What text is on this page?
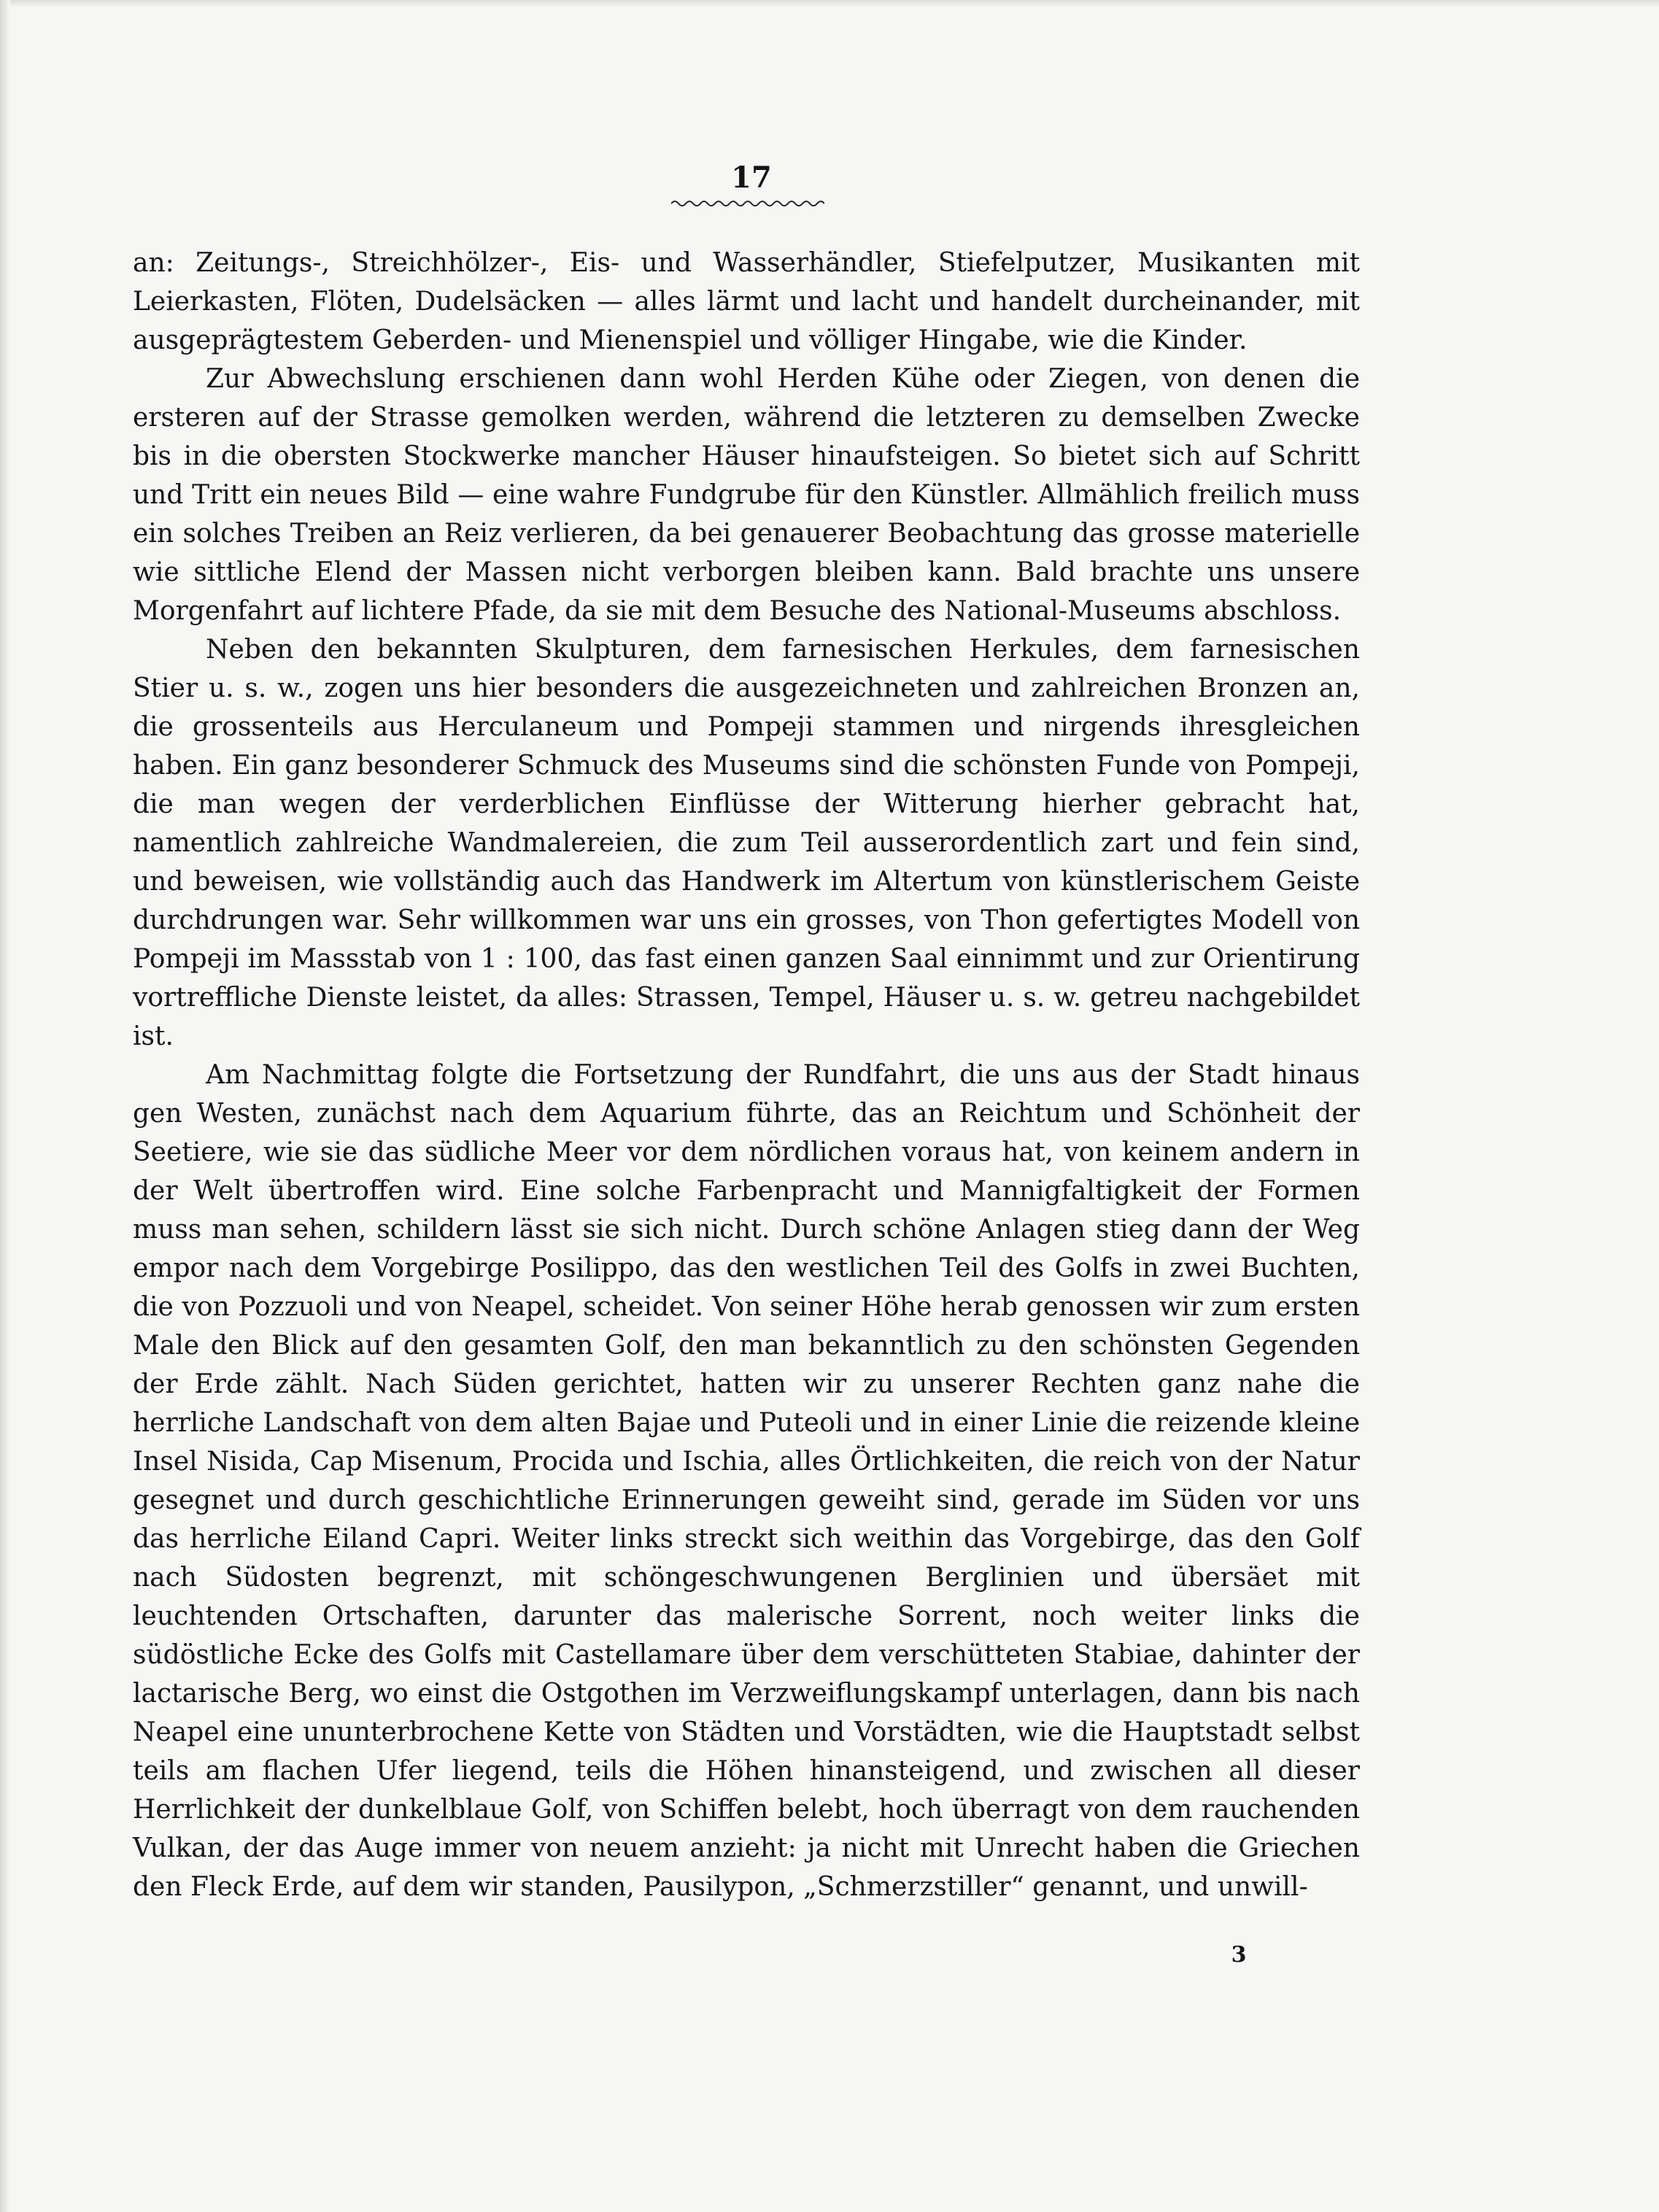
17

an: Zeitungs-, Streichhölzer-, Eis- und Wasserhändler, Stiefelputzer, Musikanten mit Leierkasten, Flöten, Dudelsäcken — alles lärmt und lacht und handelt durcheinander, mit ausgeprägtestem Geberden- und Mienenspiel und völliger Hingabe, wie die Kinder.

Zur Abwechslung erschienen dann wohl Herden Kühe oder Ziegen, von denen die ersteren auf der Strasse gemolken werden, während die letzteren zu demselben Zwecke bis in die obersten Stockwerke mancher Häuser hinaufsteigen. So bietet sich auf Schritt und Tritt ein neues Bild — eine wahre Fundgrube für den Künstler. Allmählich freilich muss ein solches Treiben an Reiz verlieren, da bei genauerer Beobachtung das grosse materielle wie sittliche Elend der Massen nicht verborgen bleiben kann. Bald brachte uns unsere Morgenfahrt auf lichtere Pfade, da sie mit dem Besuche des National-Museums abschloss.

Neben den bekannten Skulpturen, dem farnesischen Herkules, dem farnesischen Stier u. s. w., zogen uns hier besonders die ausgezeichneten und zahlreichen Bronzen an, die grossenteils aus Herculaneum und Pompeji stammen und nirgends ihresgleichen haben. Ein ganz besonderer Schmuck des Museums sind die schönsten Funde von Pompeji, die man wegen der verderblichen Einflüsse der Witterung hierher gebracht hat, namentlich zahlreiche Wandmalereien, die zum Teil ausserordentlich zart und fein sind, und beweisen, wie vollständig auch das Handwerk im Altertum von künstlerischem Geiste durchdrungen war. Sehr willkommen war uns ein grosses, von Thon gefertigtes Modell von Pompeji im Massstab von 1 : 100, das fast einen ganzen Saal einnimmt und zur Orientirung vortreffliche Dienste leistet, da alles: Strassen, Tempel, Häuser u. s. w. getreu nachgebildet ist.

Am Nachmittag folgte die Fortsetzung der Rundfahrt, die uns aus der Stadt hinaus gen Westen, zunächst nach dem Aquarium führte, das an Reichtum und Schönheit der Seetiere, wie sie das südliche Meer vor dem nördlichen voraus hat, von keinem andern in der Welt übertroffen wird. Eine solche Farbenpracht und Mannigfaltigkeit der Formen muss man sehen, schildern lässt sie sich nicht. Durch schöne Anlagen stieg dann der Weg empor nach dem Vorgebirge Posilippo, das den westlichen Teil des Golfs in zwei Buchten, die von Pozzuoli und von Neapel, scheidet. Von seiner Höhe herab genossen wir zum ersten Male den Blick auf den gesamten Golf, den man bekanntlich zu den schönsten Gegenden der Erde zählt. Nach Süden gerichtet, hatten wir zu unserer Rechten ganz nahe die herrliche Landschaft von dem alten Bajae und Puteoli und in einer Linie die reizende kleine Insel Nisida, Cap Misenum, Procida und Ischia, alles Örtlichkeiten, die reich von der Natur gesegnet und durch geschichtliche Erinnerungen geweiht sind, gerade im Süden vor uns das herrliche Eiland Capri. Weiter links streckt sich weithin das Vorgebirge, das den Golf nach Südosten begrenzt, mit schöngeschwungenen Berglinien und übersäet mit leuchtenden Ortschaften, darunter das malerische Sorrent, noch weiter links die südöstliche Ecke des Golfs mit Castellamare über dem verschütteten Stabiae, dahinter der lactarische Berg, wo einst die Ostgothen im Verzweiflungskampf unterlagen, dann bis nach Neapel eine ununterbrochene Kette von Städten und Vorstädten, wie die Hauptstadt selbst teils am flachen Ufer liegend, teils die Höhen hinansteigend, und zwischen all dieser Herrlichkeit der dunkelblaue Golf, von Schiffen belebt, hoch überragt von dem rauchenden Vulkan, der das Auge immer von neuem anzieht: ja nicht mit Unrecht haben die Griechen den Fleck Erde, auf dem wir standen, Pausilypon, „Schmerzstiller“ genannt, und unwill-

3
